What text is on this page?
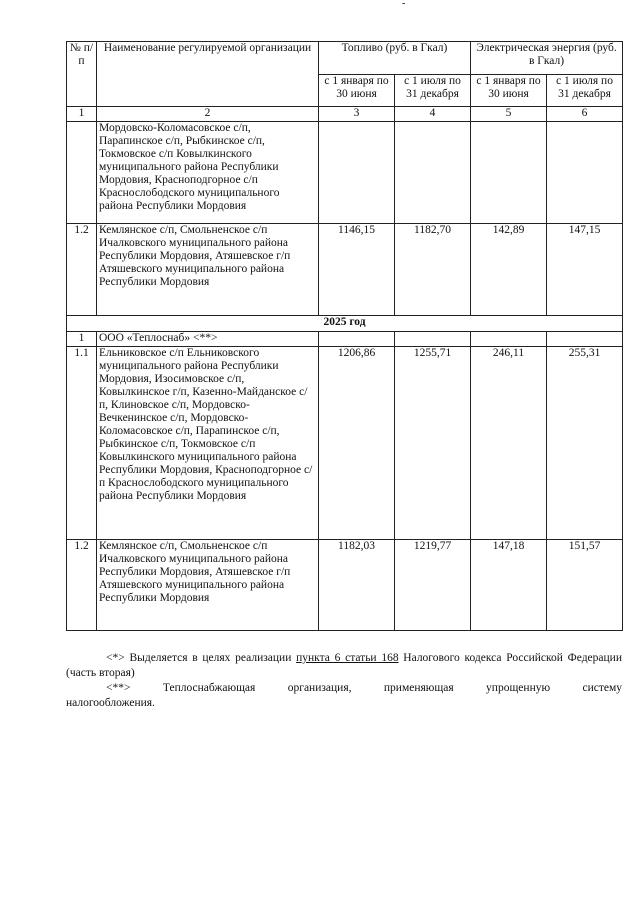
-
№ п/п	Наименование регулируемой организации	Топливо (руб. в Гкал)		Электрическая энергия (руб. в Гкал)	
		с 1 января по 30 июня	с 1 июля по 31 декабря	с 1 января по 30 июня	с 1 июля по 31 декабря
1	2	3	4	5	6
	Мордовско-Коломасовское с/п, Парапинское с/п, Рыбкинское с/п, Токмовское с/п Ковылкинского муниципального района Республики Мордовия, Красноподгорное с/п Краснослободского муниципального района Республики Мордовия				
1.2	Кемлянское с/п, Смольненское с/п Ичалковского муниципального района Республики Мордовия, Атяшевское г/п Атяшевского муниципального района Республики Мордовия	1146,15	1182,70	142,89	147,15
2025 год					
1	ООО «Теплоснаб» <**>				
1.1	Ельниковское с/п Ельниковского муниципального района Республики Мордовия, Изосимовское с/п, Ковылкинское г/п, Казенно-Майданское с/п, Клиновское с/п, Мордовско-Вечкенинское с/п, Мордовско-Коломасовское с/п, Парапинское с/п, Рыбкинское с/п, Токмовское с/п Ковылкинского муниципального района Республики Мордовия, Красноподгорное с/п Краснослободского муниципального района Республики Мордовия	1206,86	1255,71	246,11	255,31
1.2	Кемлянское с/п, Смольненское с/п Ичалковского муниципального района Республики Мордовия, Атяшевское г/п Атяшевского муниципального района Республики Мордовия	1182,03	1219,77	147,18	151,57

<*> Выделяется в целях реализации пункта 6 статьи 168 Налогового кодекса Российской Федерации (часть вторая)

<**> Теплоснабжающая организация, применяющая упрощенную систему

налогообложения.
